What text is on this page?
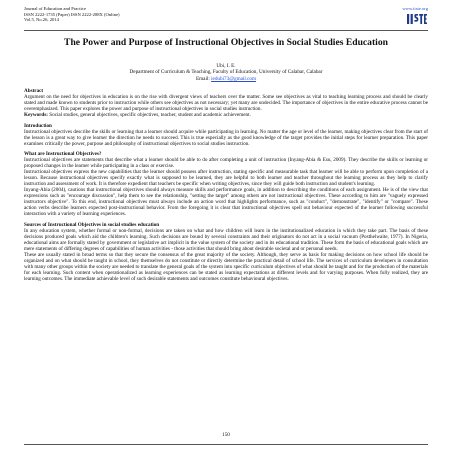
Journal of Education and Practice
ISSN 2222-1735 (Paper) ISSN 2222-288X (Online)
Vol.5, No.26, 2014
www.iiste.org
The Power and Purpose of Instructional Objectives in Social Studies Education
Ubi, I. E.
Department of Curriculum & Teaching, Faculty of Education, University of Calabar, Calabar
Email: iedubi73@gmail.com
Abstract

Argument on the need for objectives in education is on the rise with divergent views of teachers over the matter. Some see objectives as vital to teaching learning process and should be clearly stated and made known to students prior to instruction while others see objectives as not necessary; yet many are undecided. The importance of objectives in the entire educative process cannot be overemphasized. This paper explores the power and purpose of instructional objectives in social studies instruction.

Keywords: Social studies, general objectives, specific objectives, teacher, student and academic achievement.

Introduction

Instructional objectives describe the skills or learning that a learner should acquire while participating in learning. No matter the age or level of the learner, making objectives clear from the start of the lesson is a great way to give learner the direction he needs to succeed. This is true especially as the good knowledge of the target provides the initial steps for learner preparation. This paper examines critically the power, purpose and philosophy of instructional objectives to social studies instruction.

What are Instructional Objectives?

Instructional objectives are statements that describe what a learner should be able to do after completing a unit of instruction (Inyang-Abia & Esu, 2009). They describe the skills or learning or proposed changes in the learner while participating in a class or exercise.

Instructional objectives express the new capabilities that the learner should possess after instruction, stating specific and measurable task that learner will be able to perform upon completion of a lesson. Because instructional objectives specify exactly what is supposed to be learned, they are helpful to both learner and teacher throughout the learning process as they help to clarify instruction and assessment of work. It is therefore expedient that teachers be specific when writing objectives, since they will guide both instruction and student's learning.

Inyang-Abia (2004), cautions that instructional objectives should always measure skills and performance goals, in addition to describing the conditions of each assignment. He is of the view that expressions such as "encourage discussion", help them to see the relationship, "setting the target" among others are not instructional objectives. These according to him are "vaguely expressed instructors objective". To this end, instructional objectives must always include an action word that highlights performance, such as "conduct", "demonstrate", "identify" or "compare". These action verbs describe learners expected post-instructional behavior. From the foregoing it is clear that instructional objectives spell out behaviour expected of the learner following successful interaction with a variety of learning experiences.

Sources of Instructional Objectives in social studies education

In any education system, whether formal or non-formal, decisions are taken on what and how children will learn in the institutionalized education in which they take part. The basis of these decisions produced goals which aid the children's learning. Such decisions are bound by several constraints and their originators do not act in a social vacuum (Posthelwaite, 1977). In Nigeria, educational aims are formally stated by government or legislative act implicit in the value system of the society and in its educational tradition. These form the basis of educational goals which are mere statements of differing degrees of capabilities of human activities - those activities that should bring about desirable societal and or personal needs.

These are usually stated in broad terms so that they secure the consensus of the great majority of the society. Although, they serve as basis for making decisions on how school life should be organized and on what should be taught in school, they themselves do not constitute or directly determine the practical detail of school life. The services of curriculum developers in consultation with many other groups within the society are needed to translate the general goals of the system into specific curriculum objectives of what should be taught and for the production of the materials for each learning. Such content when operationalized as learning experiences can be stated as learning expectations at different levels and for varying purposes. When fully realized, they are learning outcomes. The immediate achievable level of such desirable statements and outcomes constitute behavioural objectives.

150
